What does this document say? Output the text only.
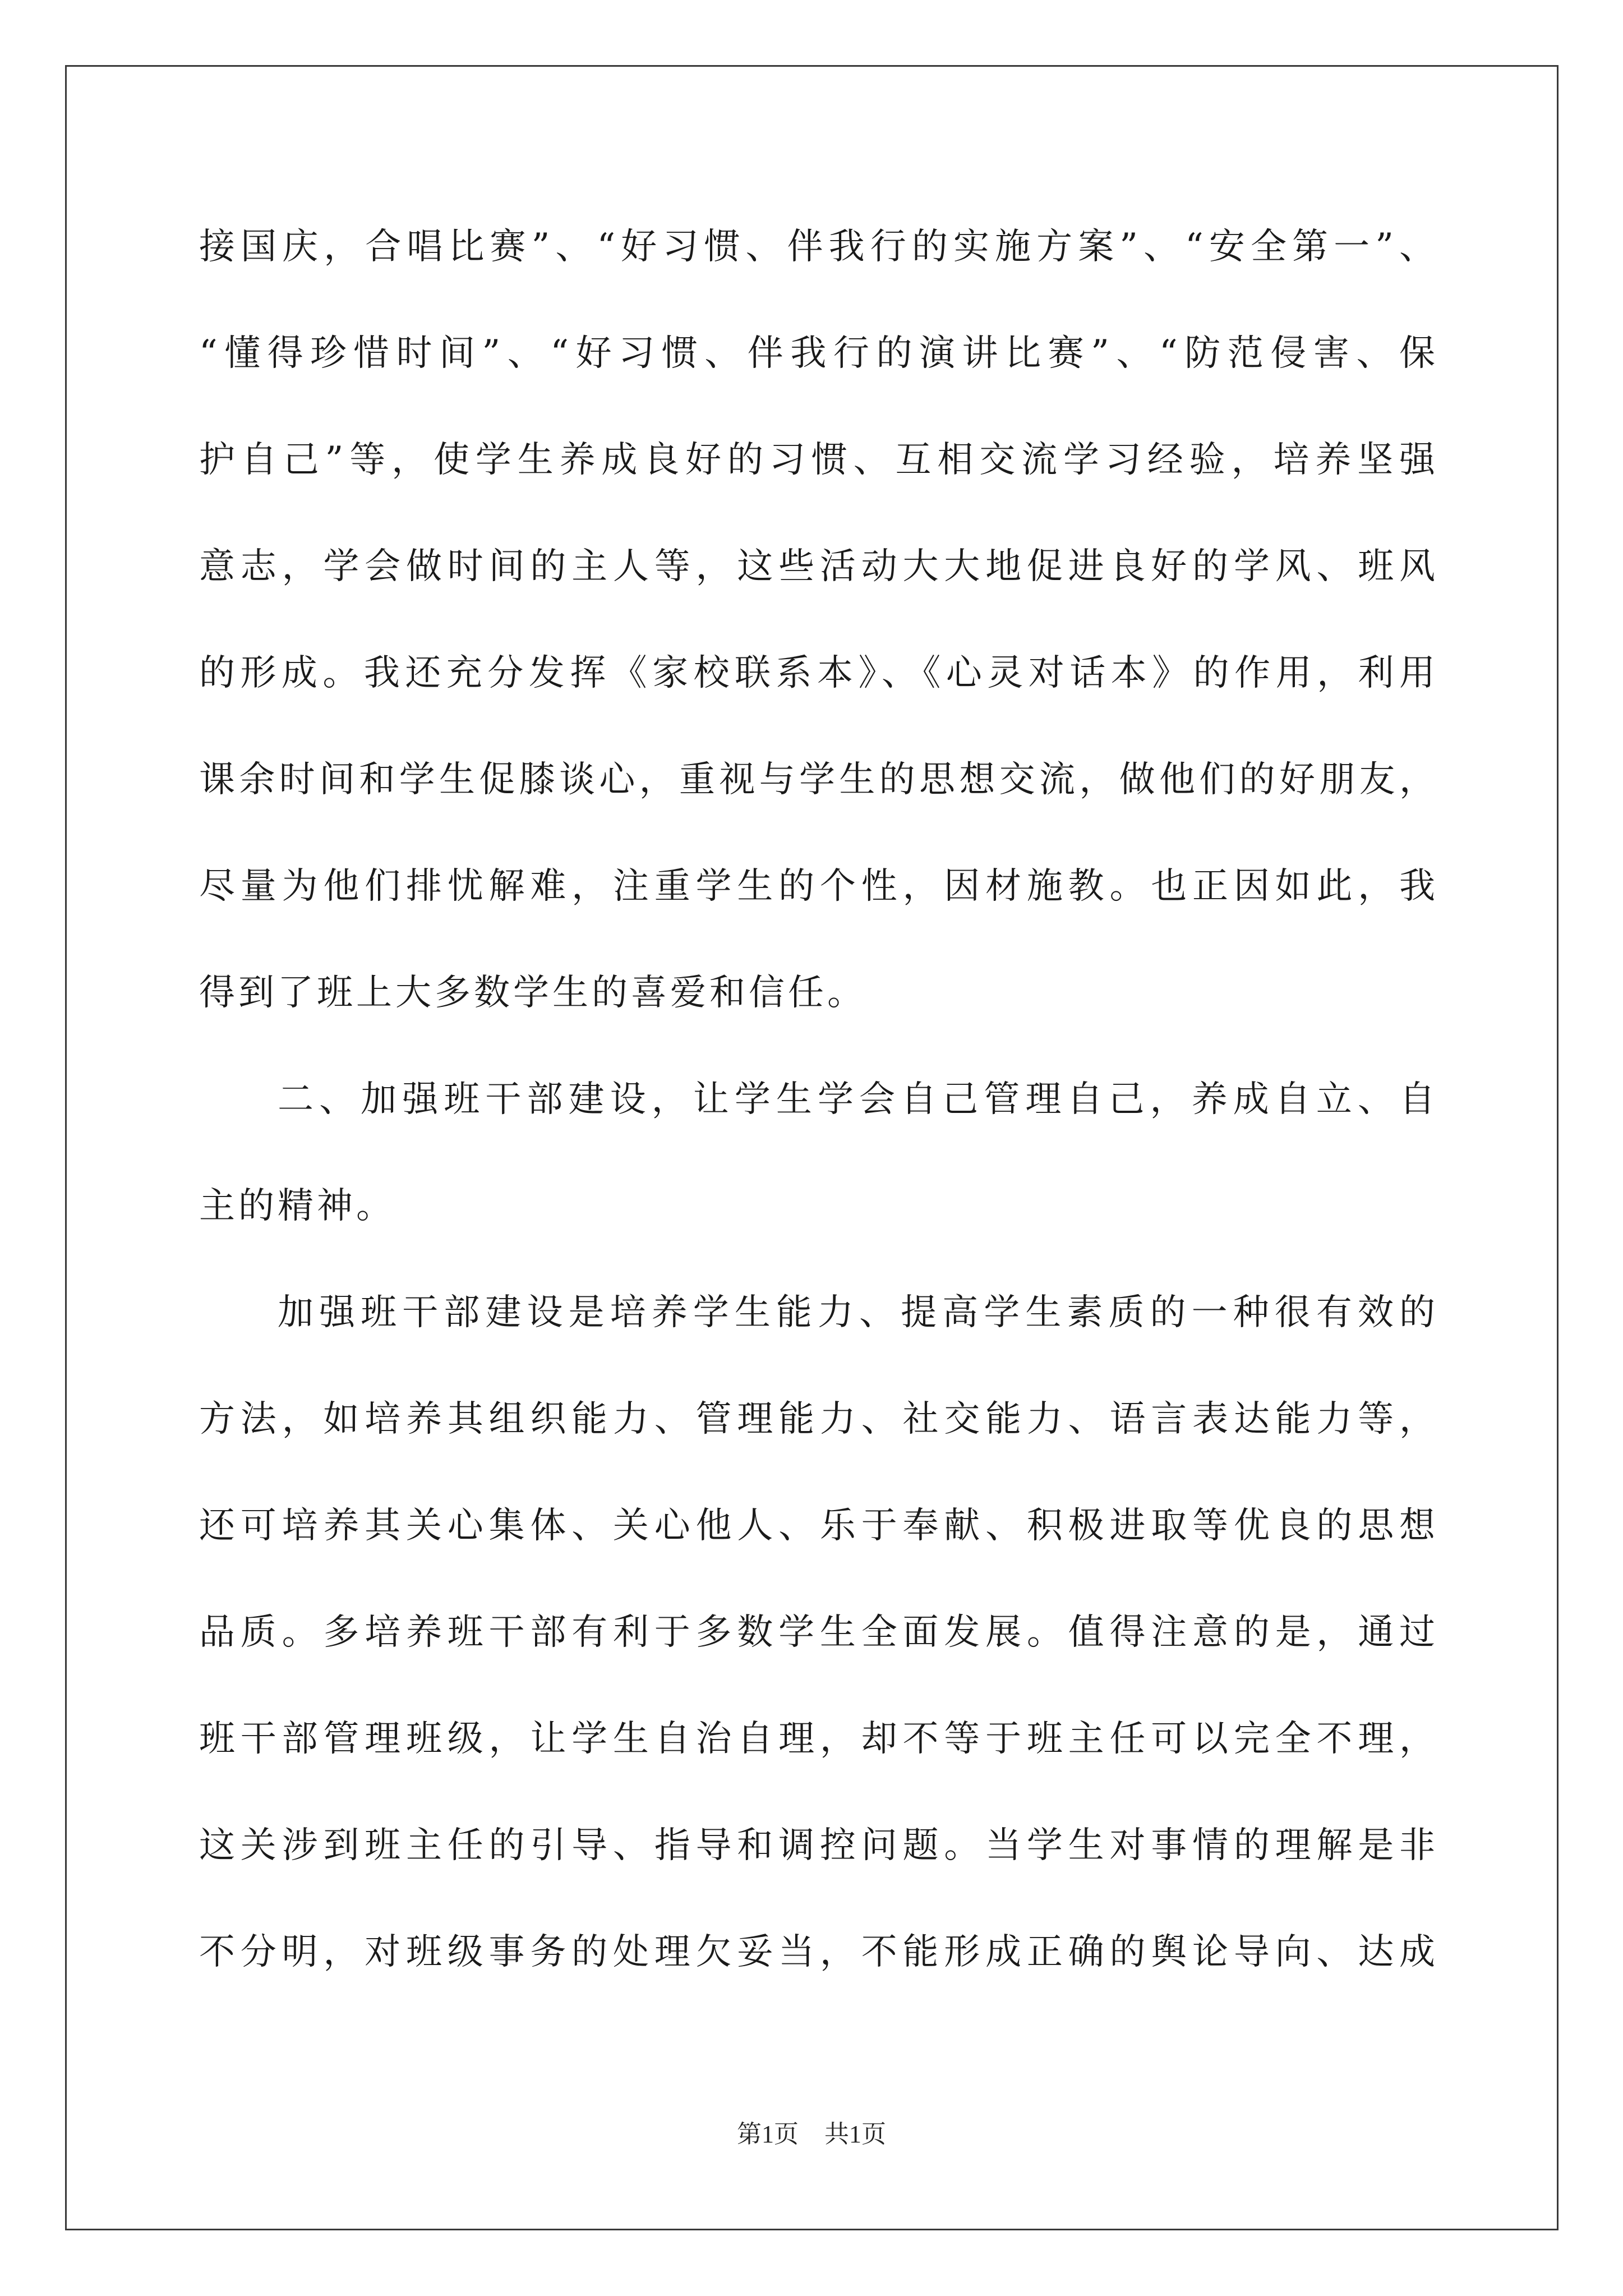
接国庆，合唱比赛”、“好习惯、伴我行的实施方案”、“安全第一”、
“懂得珍惜时间”、“好习惯、伴我行的演讲比赛”、“防范侵害、保
护自己”等，使学生养成良好的习惯、互相交流学习经验，培养坚强
意志，学会做时间的主人等，这些活动大大地促进良好的学风、班风
的形成。我还充分发挥《家校联系本》、《心灵对话本》的作用，利用
课余时间和学生促膝谈心，重视与学生的思想交流，做他们的好朋友，
尽量为他们排忧解难，注重学生的个性，因材施教。也正因如此，我
得到了班上大多数学生的喜爱和信任。
二、加强班干部建设，让学生学会自己管理自己，养成自立、自
主的精神。
加强班干部建设是培养学生能力、提高学生素质的一种很有效的
方法，如培养其组织能力、管理能力、社交能力、语言表达能力等，
还可培养其关心集体、关心他人、乐于奉献、积极进取等优良的思想
品质。多培养班干部有利于多数学生全面发展。值得注意的是，通过
班干部管理班级，让学生自治自理，却不等于班主任可以完全不理，
这关涉到班主任的引导、指导和调控问题。当学生对事情的理解是非
不分明，对班级事务的处理欠妥当，不能形成正确的舆论导向、达成
第1页 共1页
